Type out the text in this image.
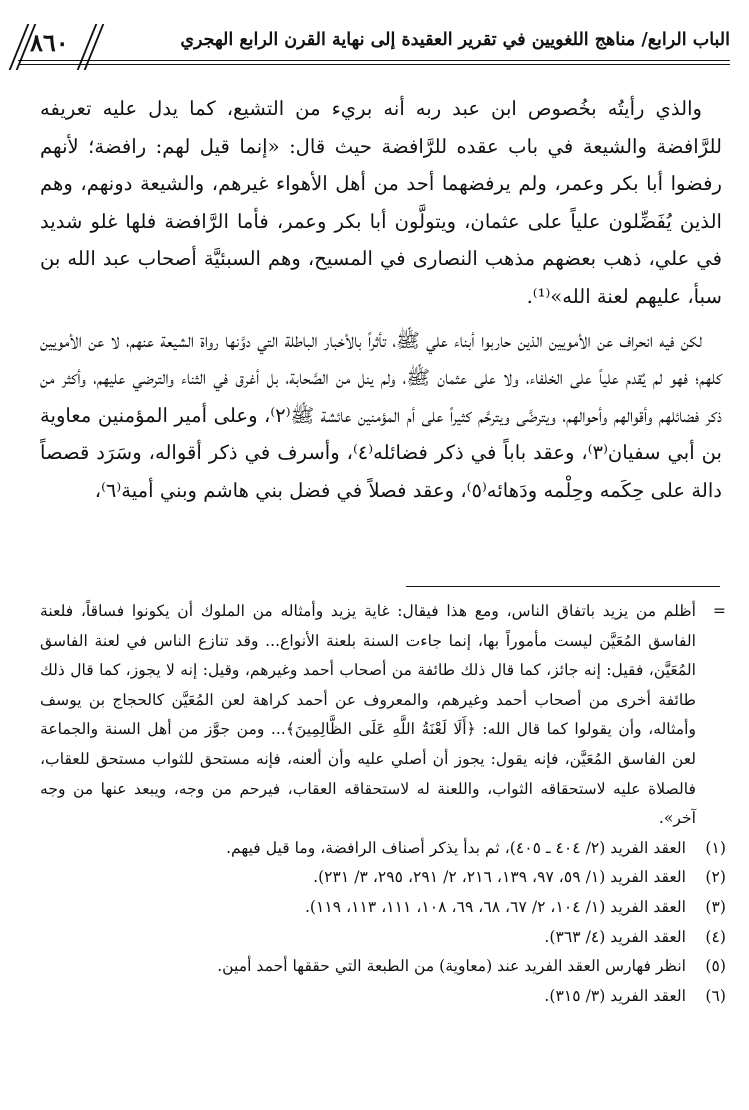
الباب الرابع/ مناهج اللغويين في تقرير العقيدة إلى نهاية القرن الرابع الهجري
٨٦٠

والذي رأيتُه بخُصوص ابن عبد ربه أنه بريء من التشيع، كما يدل عليه تعريفه للرَّافضة والشيعة في باب عقده للرَّافضة حيث قال: «إنما قيل لهم: رافضة؛ لأنهم رفضوا أبا بكر وعمر، ولم يرفضهما أحد من أهل الأهواء غيرهم، والشيعة دونهم، وهم الذين يُفَضِّلون علياً على عثمان، ويتولَّون أبا بكر وعمر، فأما الرَّافضة فلها غلو شديد في علي، ذهب بعضهم مذهب النصارى في المسيح، وهم السبئيَّة أصحاب عبد الله بن سبأ، عليهم لعنة الله»⁽¹⁾.

لكن فيه انحراف عن الأمويين الذين حاربوا أبناء علي ﷺ، تأثراً بالأخبار الباطلة التي دوَّنها رواة الشيعة عنهم، لا عن الأمويين كلهم؛ فهو لم يُقدم علياً على الخلفاء، ولا على عثمان ﷺ، ولم ينل من الصَّحابة، بل أغرق في الثناء والترضي عليهم، وأكثر من ذكر فضائلهم وأقوالهم وأحوالهم، ويترضَّى ويترحَّم كثيراً على أم المؤمنين عائشة ﷺ⁽٢⁾، وعلى أمير المؤمنين معاوية بن أبي سفيان⁽٣⁾، وعقد باباً في ذكر فضائله⁽٤⁾، وأسرف في ذكر أقواله، وسَرَد قصصاً دالة على حِكَمه وحِلْمه ودَهائه⁽٥⁾، وعقد فصلاً في فضل بني هاشم وبني أمية⁽٦⁾،

=
أظلم من يزيد باتفاق الناس، ومع هذا فيقال: غاية يزيد وأمثاله من الملوك أن يكونوا فساقاً، فلعنة الفاسق المُعَيَّن ليست مأموراً بها، إنما جاءت السنة بلعنة الأنواع... وقد تنازع الناس في لعنة الفاسق المُعَيَّن، فقيل: إنه جائز، كما قال ذلك طائفة من أصحاب أحمد وغيرهم، وقيل: إنه لا يجوز، كما قال ذلك طائفة أخرى من أصحاب أحمد وغيرهم، والمعروف عن أحمد كراهة لعن المُعَيَّن كالحجاج بن يوسف وأمثاله، وأن يقولوا كما قال الله: ﴿أَلَا لَعْنَةُ اللَّهِ عَلَى الظَّالِمِينَ﴾... ومن جوَّز من أهل السنة والجماعة لعن الفاسق المُعَيَّن، فإنه يقول: يجوز أن أصلي عليه وأن ألعنه، فإنه مستحق للثواب مستحق للعقاب، فالصلاة عليه لاستحقاقه الثواب، واللعنة له لاستحقاقه العقاب، فيرحم من وجه، ويبعد عنها من وجه آخر».
(١)
العقد الفريد (٢/ ٤٠٤ ـ ٤٠٥)، ثم بدأ يذكر أصناف الرافضة، وما قيل فيهم.
(٢)
العقد الفريد (١/ ٥٩، ٩٧، ١٣٩، ٢١٦، ٢/ ٢٩١، ٢٩٥، ٣/ ٢٣١).
(٣)
العقد الفريد (١/ ١٠٤، ٢/ ٦٧، ٦٨، ٦٩، ١٠٨، ١١١، ١١٣، ١١٩).
(٤)
العقد الفريد (٤/ ٣٦٣).
(٥)
انظر فهارس العقد الفريد عند (معاوية) من الطبعة التي حققها أحمد أمين.
(٦)
العقد الفريد (٣/ ٣١٥).
